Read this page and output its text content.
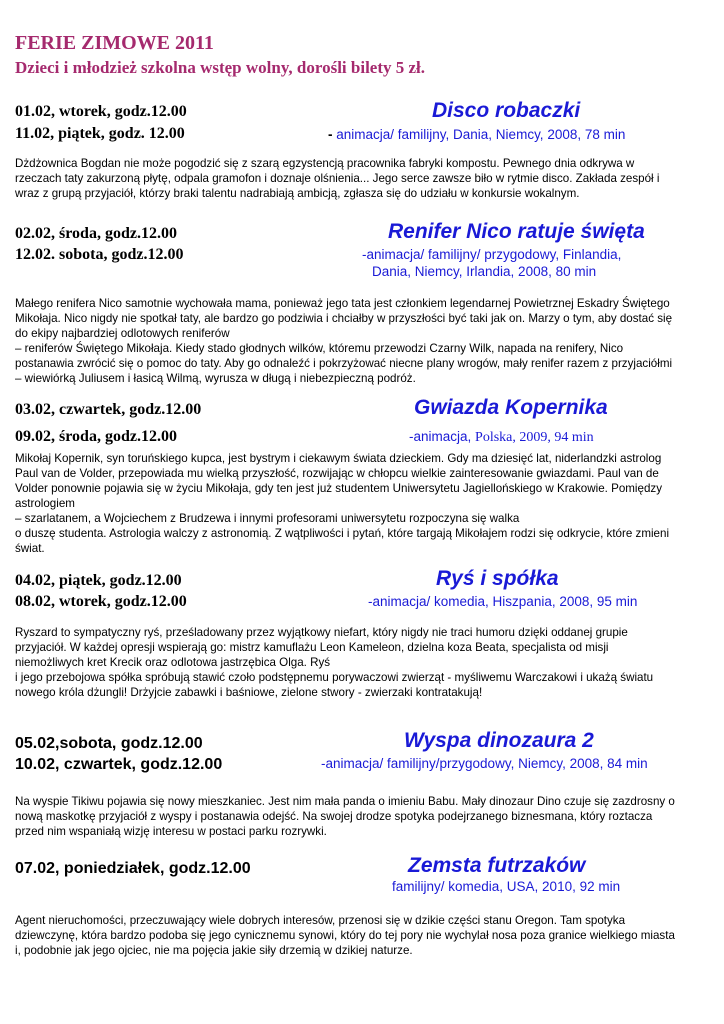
FERIE ZIMOWE 2011
Dzieci i młodzież szkolna wstęp wolny, dorośli bilety 5 zł.
01.02, wtorek, godz.12.00
11.02, piątek, godz. 12.00
Disco robaczki
- animacja/ familijny, Dania, Niemcy, 2008, 78 min
Dżdżownica Bogdan nie może pogodzić się z szarą egzystencją pracownika fabryki kompostu. Pewnego dnia odkrywa w
rzeczach taty zakurzoną płytę, odpala gramofon i doznaje olśnienia... Jego serce zawsze biło w rytmie disco. Zakłada zespół i
wraz z grupą przyjaciół, którzy braki talentu nadrabiają ambicją, zgłasza się do udziału w konkursie wokalnym.
02.02, środa, godz.12.00
12.02. sobota, godz.12.00
Renifer Nico ratuje święta
-animacja/ familijny/ przygodowy, Finlandia,
Dania, Niemcy, Irlandia, 2008, 80 min
Małego renifera Nico samotnie wychowała mama, ponieważ jego tata jest członkiem legendarnej Powietrznej Eskadry Świętego
Mikołaja. Nico nigdy nie spotkał taty, ale bardzo go podziwia i chciałby w przyszłości być taki jak on. Marzy o tym, aby dostać się
do ekipy najbardziej odlotowych reniferów
– reniferów Świętego Mikołaja. Kiedy stado głodnych wilków, któremu przewodzi Czarny Wilk, napada na renifery, Nico
postanawia zwrócić się o pomoc do taty. Aby go odnaleźć i pokrzyżować niecne plany wrogów, mały renifer razem z przyjaciółmi
– wiewiórką Juliusem i łasicą Wilmą, wyrusza w długą i niebezpieczną podróż.
03.02, czwartek, godz.12.00
09.02, środa, godz.12.00
Gwiazda Kopernika
-animacja, Polska, 2009, 94 min
Mikołaj Kopernik, syn toruńskiego kupca, jest bystrym i ciekawym świata dzieckiem. Gdy ma dziesięć lat, niderlandzki astrolog
Paul van de Volder, przepowiada mu wielką przyszłość, rozwijając w chłopcu wielkie zainteresowanie gwiazdami. Paul van de
Volder ponownie pojawia się w życiu Mikołaja, gdy ten jest już studentem Uniwersytetu Jagiellońskiego w Krakowie. Pomiędzy
astrologiem
– szarlatanem, a Wojciechem z Brudzewa i innymi profesorami uniwersytetu rozpoczyna się walka
o duszę studenta. Astrologia walczy z astronomią. Z wątpliwości i pytań, które targają Mikołajem rodzi się odkrycie, które zmieni
świat.
04.02, piątek, godz.12.00
08.02, wtorek, godz.12.00
Ryś i spółka
-animacja/ komedia, Hiszpania, 2008, 95 min
Ryszard to sympatyczny ryś, prześladowany przez wyjątkowy niefart, który nigdy nie traci humoru dzięki oddanej grupie
przyjaciół. W każdej opresji wspierają go: mistrz kamuflażu Leon Kameleon, dzielna koza Beata, specjalista od misji
niemożliwych kret Krecik oraz odlotowa jastrzębica Olga. Ryś
i jego przebojowa spółka spróbują stawić czoło podstępnemu porywaczowi zwierząt - myśliwemu Warczakowi i ukażą światu
nowego króla dżungli! Drżyjcie zabawki i baśniowe, zielone stwory - zwierzaki kontratakują!
05.02,sobota, godz.12.00
10.02, czwartek, godz.12.00
Wyspa dinozaura 2
-animacja/ familijny/przygodowy, Niemcy, 2008, 84 min
Na wyspie Tikiwu pojawia się nowy mieszkaniec. Jest nim mała panda o imieniu Babu. Mały dinozaur Dino czuje się zazdrosny o
nową maskotkę przyjaciół z wyspy i postanawia odejść. Na swojej drodze spotyka podejrzanego biznesmana, który roztacza
przed nim wspaniałą wizję interesu w postaci parku rozrywki.
07.02, poniedziałek, godz.12.00	Zemsta futrzaków
familijny/ komedia, USA, 2010, 92 min
Agent nieruchomości, przeczuwający wiele dobrych interesów, przenosi się w dzikie części stanu Oregon. Tam spotyka
dziewczynę, która bardzo podoba się jego cynicznemu synowi, który do tej pory nie wychylał nosa poza granice wielkiego miasta
i, podobnie jak jego ojciec, nie ma pojęcia jakie siły drzemią w dzikiej naturze.
